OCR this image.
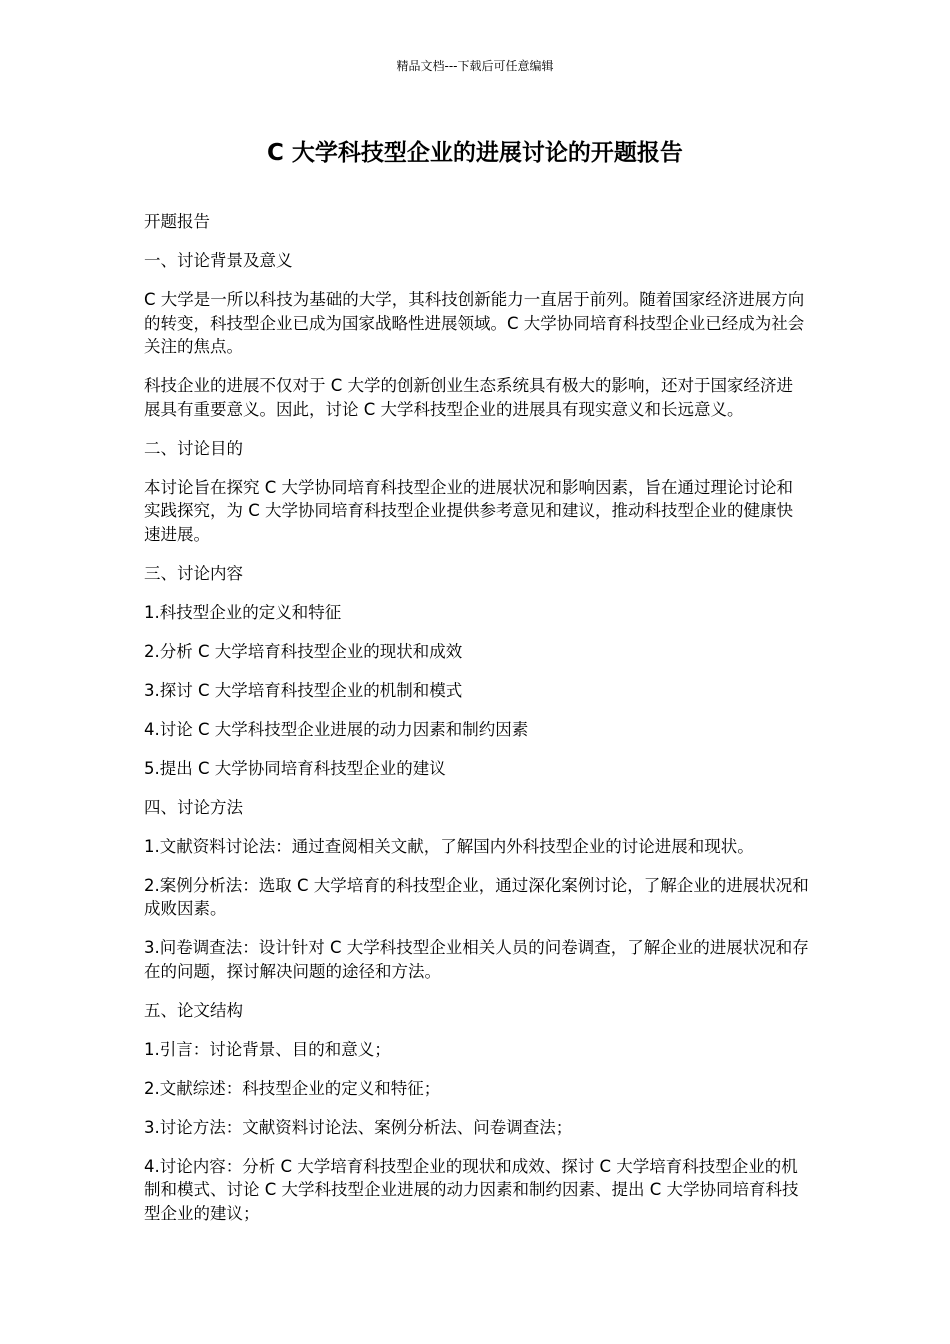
精品文档---下载后可任意编辑
C 大学科技型企业的进展讨论的开题报告

开题报告

一、讨论背景及意义

C 大学是一所以科技为基础的大学，其科技创新能力一直居于前列。随着国家经济进展方向的转变，科技型企业已成为国家战略性进展领域。C 大学协同培育科技型企业已经成为社会关注的焦点。

科技企业的进展不仅对于 C 大学的创新创业生态系统具有极大的影响，还对于国家经济进展具有重要意义。因此，讨论 C 大学科技型企业的进展具有现实意义和长远意义。

二、讨论目的

本讨论旨在探究 C 大学协同培育科技型企业的进展状况和影响因素，旨在通过理论讨论和实践探究，为 C 大学协同培育科技型企业提供参考意见和建议，推动科技型企业的健康快速进展。

三、讨论内容

1.科技型企业的定义和特征

2.分析 C 大学培育科技型企业的现状和成效

3.探讨 C 大学培育科技型企业的机制和模式

4.讨论 C 大学科技型企业进展的动力因素和制约因素

5.提出 C 大学协同培育科技型企业的建议

四、讨论方法

1.文献资料讨论法：通过查阅相关文献，了解国内外科技型企业的讨论进展和现状。

2.案例分析法：选取 C 大学培育的科技型企业，通过深化案例讨论，了解企业的进展状况和成败因素。

3.问卷调查法：设计针对 C 大学科技型企业相关人员的问卷调查，了解企业的进展状况和存在的问题，探讨解决问题的途径和方法。

五、论文结构

1.引言：讨论背景、目的和意义；

2.文献综述：科技型企业的定义和特征；

3.讨论方法：文献资料讨论法、案例分析法、问卷调查法；

4.讨论内容：分析 C 大学培育科技型企业的现状和成效、探讨 C 大学培育科技型企业的机制和模式、讨论 C 大学科技型企业进展的动力因素和制约因素、提出 C 大学协同培育科技型企业的建议；
